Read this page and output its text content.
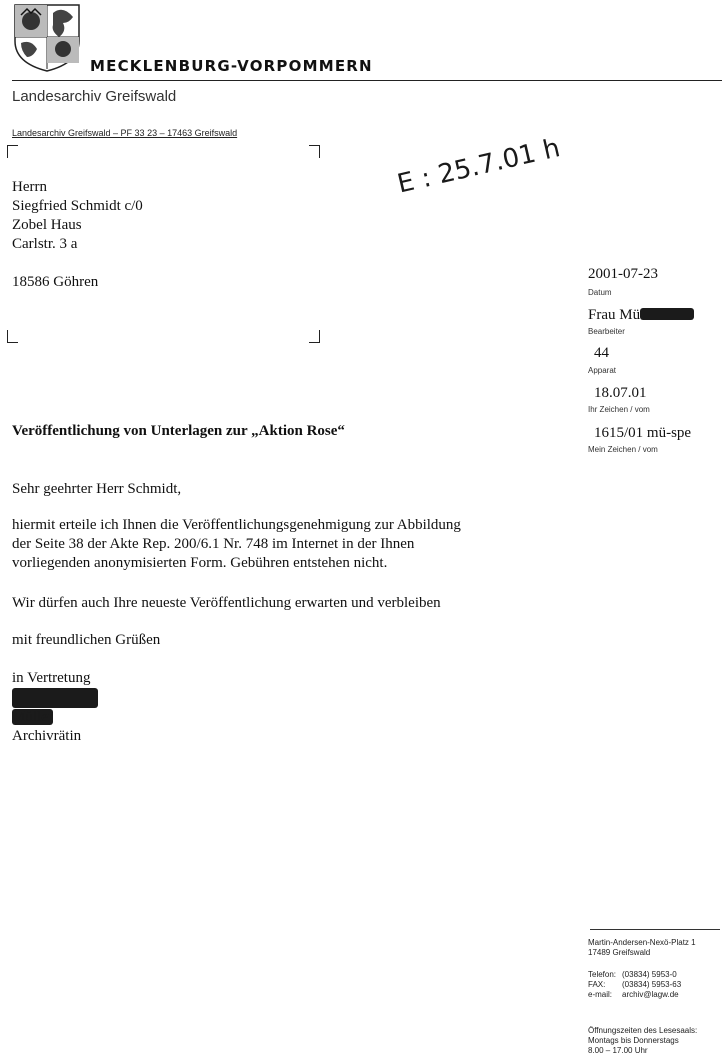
MECKLENBURG-VORPOMMERN
Landesarchiv Greifswald
Landesarchiv Greifswald – PF 33 23 – 17463 Greifswald
Herrn
Siegfried Schmidt c/0
Zobel Haus
Carlstr. 3 a
18586 Göhren
E : 25.7.01 h
2001-07-23
Datum
Frau Mü
Bearbeiter
44
Apparat
18.07.01
Ihr Zeichen / vom
1615/01 mü-spe
Mein Zeichen / vom
Veröffentlichung von Unterlagen zur „Aktion Rose“
Sehr geehrter Herr Schmidt,
hiermit erteile ich Ihnen die Veröffentlichungsgenehmigung zur Abbildung
der Seite 38 der Akte Rep. 200/6.1 Nr. 748 im Internet in der Ihnen
vorliegenden anonymisierten Form. Gebühren entstehen nicht.
Wir dürfen auch Ihre neueste Veröffentlichung erwarten und verbleiben
mit freundlichen Grüßen
in Vertretung
Müller
Archivrätin
Martin-Andersen-Nexö-Platz 1
17489 Greifswald
Telefon: (03834) 5953-0
FAX: (03834) 5953-63
e-mail: archiv@lagw.de
Öffnungszeiten des Lesesaals:
Montags bis Donnerstags
8.00 – 17.00 Uhr
